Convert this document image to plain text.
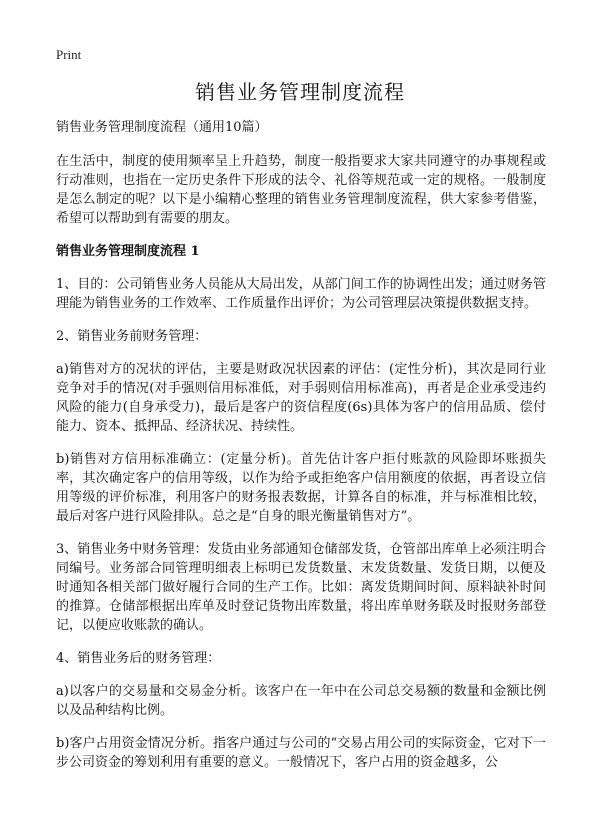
Print
销售业务管理制度流程
销售业务管理制度流程（通用10篇）

在生活中，制度的使用频率呈上升趋势，制度一般指要求大家共同遵守的办事规程或行动准则，也指在一定历史条件下形成的法令、礼俗等规范或一定的规格。一般制度是怎么制定的呢？以下是小编精心整理的销售业务管理制度流程，供大家参考借鉴，希望可以帮助到有需要的朋友。

销售业务管理制度流程 1

1、目的：公司销售业务人员能从大局出发，从部门间工作的协调性出发；通过财务管理能为销售业务的工作效率、工作质量作出评价；为公司管理层决策提供数据支持。

2、销售业务前财务管理：

a)销售对方的况状的评估，主要是财政况状因素的评估：(定性分析)，其次是同行业竞争对手的情况(对手强则信用标准低，对手弱则信用标准高)，再者是企业承受违约风险的能力(自身承受力)，最后是客户的资信程度(6s)具体为客户的信用品质、偿付能力、资本、抵押品、经济状况、持续性。

b)销售对方信用标准确立：(定量分析)。首先估计客户拒付账款的风险即坏账损失率，其次确定客户的信用等级，以作为给予或拒绝客户信用额度的依据，再者设立信用等级的评价标准，利用客户的财务报表数据，计算各自的标准，并与标准相比较，最后对客户进行风险排队。总之是“自身的眼光衡量销售对方”。

3、销售业务中财务管理：发货由业务部通知仓储部发货，仓管部出库单上必须注明合同编号。业务部合同管理明细表上标明已发货数量、末发货数量、发货日期，以便及时通知各相关部门做好履行合同的生产工作。比如：离发货期间时间、原料缺补时间的推算。仓储部根据出库单及时登记货物出库数量，将出库单财务联及时报财务部登记，以便应收账款的确认。

4、销售业务后的财务管理：

a)以客户的交易量和交易金分析。该客户在一年中在公司总交易额的数量和金额比例以及品种结构比例。

b)客户占用资金情况分析。指客户通过与公司的“交易占用公司的实际资金，它对下一步公司资金的筹划利用有重要的意义。一般情况下，客户占用的资金越多，公
